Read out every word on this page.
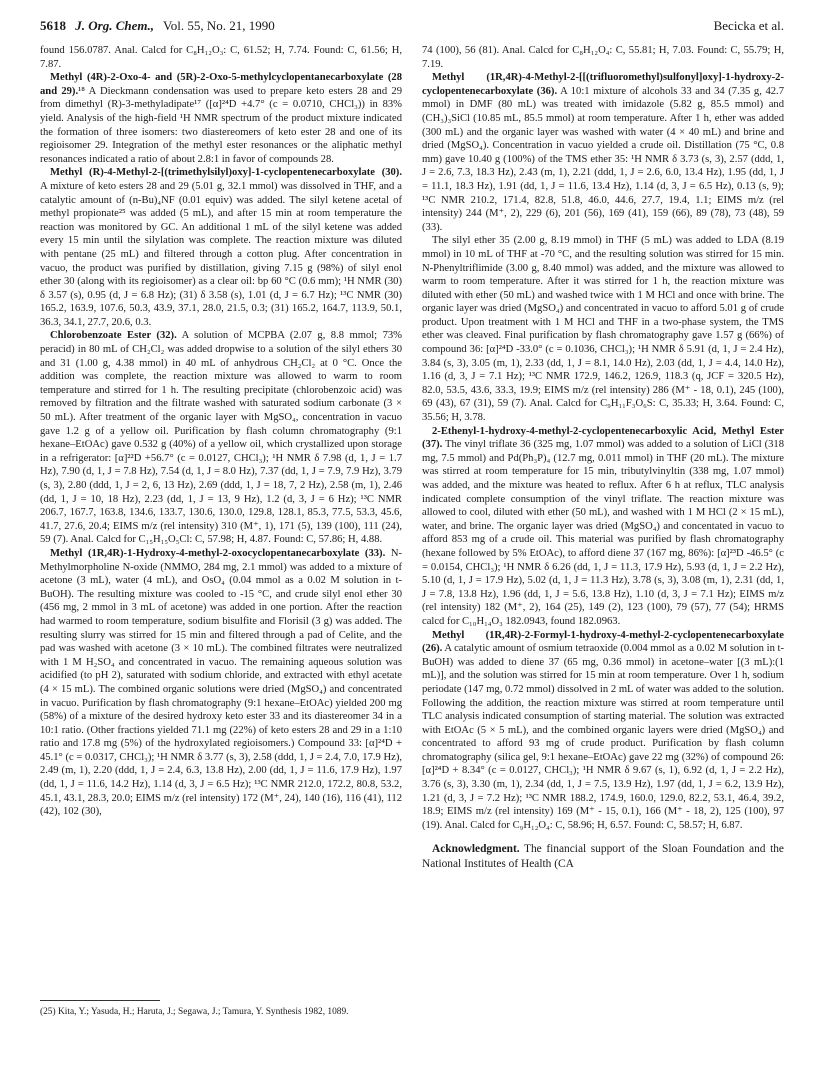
5618 J. Org. Chem., Vol. 55, No. 21, 1990	Becicka et al.

found 156.0787. Anal. Calcd for C₈H₁₂O₃: C, 61.52; H, 7.74. Found: C, 61.56; H, 7.87.

Methyl (4R)-2-Oxo-4- and (5R)-2-Oxo-5-methylcyclopentanecarboxylate (28 and 29).¹⁸ A Dieckmann condensation was used to prepare keto esters 28 and 29 from dimethyl (R)-3-methyladipate¹⁷ ([α]²⁴D +4.7° (c = 0.0710, CHCl₃)) in 83% yield. Analysis of the high-field ¹H NMR spectrum of the product mixture indicated the formation of three isomers: two diastereomers of keto ester 28 and one of its regioisomer 29. Integration of the methyl ester resonances or the aliphatic methyl resonances indicated a ratio of about 2.8:1 in favor of compounds 28.

Methyl (R)-4-Methyl-2-[(trimethylsilyl)oxy]-1-cyclopentenecarboxylate (30). A mixture of keto esters 28 and 29 (5.01 g, 32.1 mmol) was dissolved in THF, and a catalytic amount of (n-Bu)₄NF (0.01 equiv) was added. The silyl ketene acetal of methyl propionate²⁵ was added (5 mL), and after 15 min at room temperature the reaction was monitored by GC. An additional 1 mL of the silyl ketene was added every 15 min until the silylation was complete. The reaction mixture was diluted with pentane (25 mL) and filtered through a cotton plug. After concentration in vacuo, the product was purified by distillation, giving 7.15 g (98%) of silyl enol ether 30 (along with its regioisomer) as a clear oil: bp 60 °C (0.6 mm); ¹H NMR (30) δ 3.57 (s), 0.95 (d, J = 6.8 Hz); (31) δ 3.58 (s), 1.01 (d, J = 6.7 Hz); ¹³C NMR (30) 165.2, 163.9, 107.6, 50.3, 43.9, 37.1, 28.0, 21.5, 0.3; (31) 165.2, 164.7, 113.9, 50.1, 36.3, 34.1, 27.7, 20.6, 0.3.

Chlorobenzoate Ester (32). A solution of MCPBA (2.07 g, 8.8 mmol; 73% peracid) in 80 mL of CH₂Cl₂ was added dropwise to a solution of the silyl ethers 30 and 31 (1.00 g, 4.38 mmol) in 40 mL of anhydrous CH₂Cl₂ at 0 °C. Once the addition was complete, the reaction mixture was allowed to warm to room temperature and stirred for 1 h. The resulting precipitate (chlorobenzoic acid) was removed by filtration and the filtrate washed with saturated sodium carbonate (3 × 50 mL). After treatment of the organic layer with MgSO₄, concentration in vacuo gave 1.2 g of a yellow oil. Purification by flash column chromatography (9:1 hexane–EtOAc) gave 0.532 g (40%) of a yellow oil, which crystallized upon storage in a refrigerator: [α]²²D +56.7° (c = 0.0127, CHCl₃); ¹H NMR δ 7.98 (d, 1, J = 1.7 Hz), 7.90 (d, 1, J = 7.8 Hz), 7.54 (d, 1, J = 8.0 Hz), 7.37 (dd, 1, J = 7.9, 7.9 Hz), 3.79 (s, 3), 2.80 (ddd, 1, J = 2, 6, 13 Hz), 2.69 (ddd, 1, J = 18, 7, 2 Hz), 2.58 (m, 1), 2.46 (dd, 1, J = 10, 18 Hz), 2.23 (dd, 1, J = 13, 9 Hz), 1.2 (d, 3, J = 6 Hz); ¹³C NMR 206.7, 167.7, 163.8, 134.6, 133.7, 130.6, 130.0, 129.8, 128.1, 85.3, 77.5, 53.3, 45.6, 41.7, 27.6, 20.4; EIMS m/z (rel intensity) 310 (M⁺, 1), 171 (5), 139 (100), 111 (24), 59 (7). Anal. Calcd for C₁₅H₁₅O₅Cl: C, 57.98; H, 4.87. Found: C, 57.86; H, 4.88.

Methyl (1R,4R)-1-Hydroxy-4-methyl-2-oxocyclopentanecarboxylate (33). N-Methylmorpholine N-oxide (NMMO, 284 mg, 2.1 mmol) was added to a mixture of acetone (3 mL), water (4 mL), and OsO₄ (0.04 mmol as a 0.02 M solution in t-BuOH). The resulting mixture was cooled to -15 °C, and crude silyl enol ether 30 (456 mg, 2 mmol in 3 mL of acetone) was added in one portion. After the reaction had warmed to room temperature, sodium bisulfite and Florisil (3 g) was added. The resulting slurry was stirred for 15 min and filtered through a pad of Celite, and the pad was washed with acetone (3 × 10 mL). The combined filtrates were neutralized with 1 M H₂SO₄ and concentrated in vacuo. The remaining aqueous solution was acidified (to pH 2), saturated with sodium chloride, and extracted with ethyl acetate (4 × 15 mL). The combined organic solutions were dried (MgSO₄) and concentrated in vacuo. Purification by flash chromatography (9:1 hexane–EtOAc) yielded 200 mg (58%) of a mixture of the desired hydroxy keto ester 33 and its diastereomer 34 in a 10:1 ratio. (Other fractions yielded 71.1 mg (22%) of keto esters 28 and 29 in a 1:10 ratio and 17.8 mg (5%) of the hydroxylated regioisomers.) Compound 33: [α]²⁴D + 45.1° (c = 0.0317, CHCl₃); ¹H NMR δ 3.77 (s, 3), 2.58 (ddd, 1, J = 2.4, 7.0, 17.9 Hz), 2.49 (m, 1), 2.20 (ddd, 1, J = 2.4, 6.3, 13.8 Hz), 2.00 (dd, 1, J = 11.6, 17.9 Hz), 1.97 (dd, 1, J = 11.6, 14.2 Hz), 1.14 (d, 3, J = 6.5 Hz); ¹³C NMR 212.0, 172.2, 80.8, 53.2, 45.1, 43.1, 28.3, 20.0; EIMS m/z (rel intensity) 172 (M⁺, 24), 140 (16), 116 (41), 112 (42), 102 (30),

74 (100), 56 (81). Anal. Calcd for C₈H₁₂O₄: C, 55.81; H, 7.03. Found: C, 55.79; H, 7.19.

Methyl (1R,4R)-4-Methyl-2-[[(trifluoromethyl)sulfonyl]oxy]-1-hydroxy-2-cyclopentenecarboxylate (36). A 10:1 mixture of alcohols 33 and 34 (7.35 g, 42.7 mmol) in DMF (80 mL) was treated with imidazole (5.82 g, 85.5 mmol) and (CH₃)₃SiCl (10.85 mL, 85.5 mmol) at room temperature. After 1 h, ether was added (300 mL) and the organic layer was washed with water (4 × 40 mL) and brine and dried (MgSO₄). Concentration in vacuo yielded a crude oil. Distillation (75 °C, 0.8 mm) gave 10.40 g (100%) of the TMS ether 35: ¹H NMR δ 3.73 (s, 3), 2.57 (ddd, 1, J = 2.6, 7.3, 18.3 Hz), 2.43 (m, 1), 2.21 (ddd, 1, J = 2.6, 6.0, 13.4 Hz), 1.95 (dd, 1, J = 11.1, 18.3 Hz), 1.91 (dd, 1, J = 11.6, 13.4 Hz), 1.14 (d, 3, J = 6.5 Hz), 0.13 (s, 9); ¹³C NMR 210.2, 171.4, 82.8, 51.8, 46.0, 44.6, 27.7, 19.4, 1.1; EIMS m/z (rel intensity) 244 (M⁺, 2), 229 (6), 201 (56), 169 (41), 159 (66), 89 (78), 73 (48), 59 (33).

The silyl ether 35 (2.00 g, 8.19 mmol) in THF (5 mL) was added to LDA (8.19 mmol) in 10 mL of THF at -70 °C, and the resulting solution was stirred for 15 min. N-Phenyltriflimide (3.00 g, 8.40 mmol) was added, and the mixture was allowed to warm to room temperature. After it was stirred for 1 h, the reaction mixture was diluted with ether (50 mL) and washed twice with 1 M HCl and once with brine. The organic layer was dried (MgSO₄) and concentrated in vacuo to afford 5.01 g of crude product. Upon treatment with 1 M HCl and THF in a two-phase system, the TMS ether was cleaved. Final purification by flash chromatography gave 1.57 g (66%) of compound 36: [α]²⁴D -33.0° (c = 0.1036, CHCl₃); ¹H NMR δ 5.91 (d, 1, J = 2.4 Hz), 3.84 (s, 3), 3.05 (m, 1), 2.33 (dd, 1, J = 8.1, 14.0 Hz), 2.03 (dd, 1, J = 4.4, 14.0 Hz), 1.16 (d, 3, J = 7.1 Hz); ¹³C NMR 172.9, 146.2, 126.9, 118.3 (q, JCF = 320.5 Hz), 82.0, 53.5, 43.6, 33.3, 19.9; EIMS m/z (rel intensity) 286 (M⁺ - 18, 0.1), 245 (100), 69 (43), 67 (31), 59 (7). Anal. Calcd for C₉H₁₁F₃O₆S: C, 35.33; H, 3.64. Found: C, 35.56; H, 3.78.

2-Ethenyl-1-hydroxy-4-methyl-2-cyclopentenecarboxylic Acid, Methyl Ester (37). The vinyl triflate 36 (325 mg, 1.07 mmol) was added to a solution of LiCl (318 mg, 7.5 mmol) and Pd(Ph₃P)₄ (12.7 mg, 0.011 mmol) in THF (20 mL). The mixture was stirred at room temperature for 15 min, tributylvinyltin (338 mg, 1.07 mmol) was added, and the mixture was heated to reflux. After 6 h at reflux, TLC analysis indicated complete consumption of the vinyl triflate. The reaction mixture was allowed to cool, diluted with ether (50 mL), and washed with 1 M HCl (2 × 15 mL), water, and brine. The organic layer was dried (MgSO₄) and concentated in vacuo to afford 853 mg of a crude oil. This material was purified by flash chromatography (hexane followed by 5% EtOAc), to afford diene 37 (167 mg, 86%): [α]²³D -46.5° (c = 0.0154, CHCl₃); ¹H NMR δ 6.26 (dd, 1, J = 11.3, 17.9 Hz), 5.93 (d, 1, J = 2.2 Hz), 5.10 (d, 1, J = 17.9 Hz), 5.02 (d, 1, J = 11.3 Hz), 3.78 (s, 3), 3.08 (m, 1), 2.31 (dd, 1, J = 7.8, 13.8 Hz), 1.96 (dd, 1, J = 5.6, 13.8 Hz), 1.10 (d, 3, J = 7.1 Hz); EIMS m/z (rel intensity) 182 (M⁺, 2), 164 (25), 149 (2), 123 (100), 79 (57), 77 (54); HRMS calcd for C₁₀H₁₄O₃ 182.0943, found 182.0963.

Methyl (1R,4R)-2-Formyl-1-hydroxy-4-methyl-2-cyclopentenecarboxylate (26). A catalytic amount of osmium tetraoxide (0.004 mmol as a 0.02 M solution in t-BuOH) was added to diene 37 (65 mg, 0.36 mmol) in acetone–water [(3 mL):(1 mL)], and the solution was stirred for 15 min at room temperature. Over 1 h, sodium periodate (147 mg, 0.72 mmol) dissolved in 2 mL of water was added to the solution. Following the addition, the reaction mixture was stirred at room temperature until TLC analysis indicated consumption of starting material. The solution was extracted with EtOAc (5 × 5 mL), and the combined organic layers were dried (MgSO₄) and concentrated to afford 93 mg of crude product. Purification by flash column chromatography (silica gel, 9:1 hexane–EtOAc) gave 22 mg (32%) of compound 26: [α]²⁴D + 8.34° (c = 0.0127, CHCl₃); ¹H NMR δ 9.67 (s, 1), 6.92 (d, 1, J = 2.2 Hz), 3.76 (s, 3), 3.30 (m, 1), 2.34 (dd, 1, J = 7.5, 13.9 Hz), 1.97 (dd, 1, J = 6.2, 13.9 Hz), 1.21 (d, 3, J = 7.2 Hz); ¹³C NMR 188.2, 174.9, 160.0, 129.0, 82.2, 53.1, 46.4, 39.2, 18.9; EIMS m/z (rel intensity) 169 (M⁺ - 15, 0.1), 166 (M⁺ - 18, 2), 125 (100), 97 (19). Anal. Calcd for C₉H₁₂O₄: C, 58.96; H, 6.57. Found: C, 58.57; H, 6.87.

Acknowledgment. The financial support of the Sloan Foundation and the National Institutes of Health (CA

(25) Kita, Y.; Yasuda, H.; Haruta, J.; Segawa, J.; Tamura, Y. Synthesis 1982, 1089.
